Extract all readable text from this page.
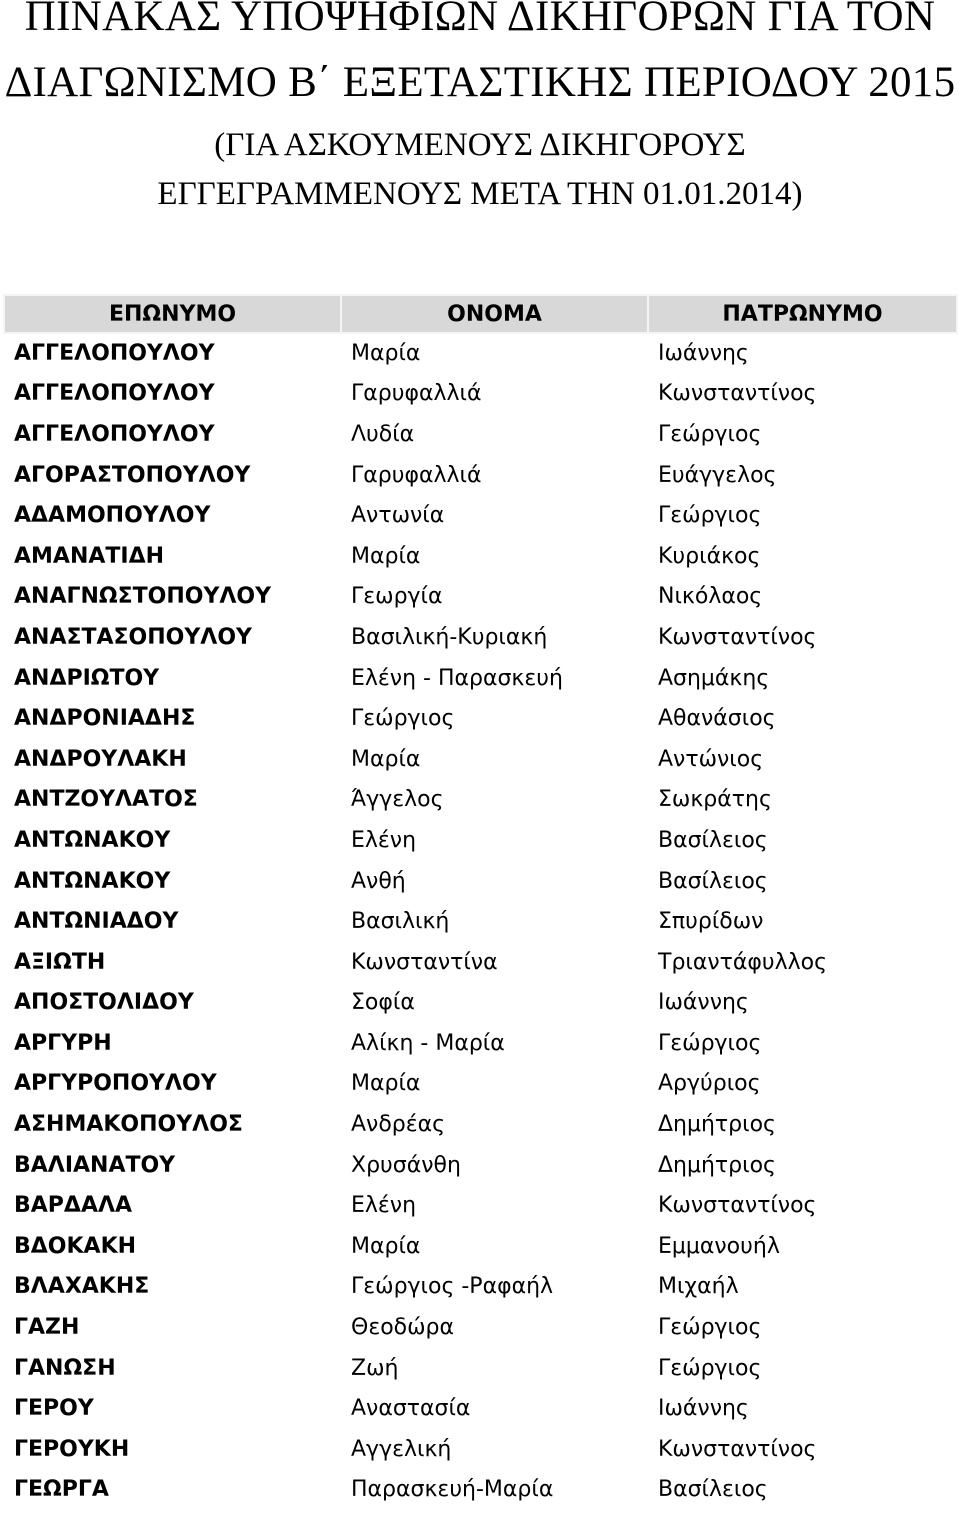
ΠΙΝΑΚΑΣ ΥΠΟΨΗΦΙΩΝ ΔΙΚΗΓΟΡΩΝ ΓΙΑ ΤΟΝ
ΔΙΑΓΩΝΙΣΜΟ Β΄ ΕΞΕΤΑΣΤΙΚΗΣ ΠΕΡΙΟΔΟΥ 2015
(ΓΙΑ ΑΣΚΟΥΜΕΝΟΥΣ ΔΙΚΗΓΟΡΟΥΣ
ΕΓΓΕΓΡΑΜΜΕΝΟΥΣ ΜΕΤΑ ΤΗΝ 01.01.2014)
ΕΠΩΝΥΜΟ	ΟΝΟΜΑ	ΠΑΤΡΩΝΥΜΟ
ΑΓΓΕΛΟΠΟΥΛΟΥ	Μαρία	Ιωάννης
ΑΓΓΕΛΟΠΟΥΛΟΥ	Γαρυφαλλιά	Κωνσταντίνος
ΑΓΓΕΛΟΠΟΥΛΟΥ	Λυδία	Γεώργιος
ΑΓΟΡΑΣΤΟΠΟΥΛΟΥ	Γαρυφαλλιά	Ευάγγελος
ΑΔΑΜΟΠΟΥΛΟΥ	Αντωνία	Γεώργιος
ΑΜΑΝΑΤΙΔΗ	Μαρία	Κυριάκος
ΑΝΑΓΝΩΣΤΟΠΟΥΛΟΥ	Γεωργία	Νικόλαος
ΑΝΑΣΤΑΣΟΠΟΥΛΟΥ	Βασιλική-Κυριακή	Κωνσταντίνος
ΑΝΔΡΙΩΤΟΥ	Ελένη - Παρασκευή	Ασημάκης
ΑΝΔΡΟΝΙΑΔΗΣ	Γεώργιος	Αθανάσιος
ΑΝΔΡΟΥΛΑΚΗ	Μαρία	Αντώνιος
ΑΝΤΖΟΥΛΑΤΟΣ	Άγγελος	Σωκράτης
ΑΝΤΩΝΑΚΟΥ	Ελένη	Βασίλειος
ΑΝΤΩΝΑΚΟΥ	Ανθή	Βασίλειος
ΑΝΤΩΝΙΑΔΟΥ	Βασιλική	Σπυρίδων
ΑΞΙΩΤΗ	Κωνσταντίνα	Τριαντάφυλλος
ΑΠΟΣΤΟΛΙΔΟΥ	Σοφία	Ιωάννης
ΑΡΓΥΡΗ	Αλίκη - Μαρία	Γεώργιος
ΑΡΓΥΡΟΠΟΥΛΟΥ	Μαρία	Αργύριος
ΑΣΗΜΑΚΟΠΟΥΛΟΣ	Ανδρέας	Δημήτριος
ΒΑΛΙΑΝΑΤΟΥ	Χρυσάνθη	Δημήτριος
ΒΑΡΔΑΛΑ	Ελένη	Κωνσταντίνος
ΒΔΟΚΑΚΗ	Μαρία	Εμμανουήλ
ΒΛΑΧΑΚΗΣ	Γεώργιος -Ραφαήλ	Μιχαήλ
ΓΑΖΗ	Θεοδώρα	Γεώργιος
ΓΑΝΩΣΗ	Ζωή	Γεώργιος
ΓΕΡΟΥ	Αναστασία	Ιωάννης
ΓΕΡΟΥΚΗ	Αγγελική	Κωνσταντίνος
ΓΕΩΡΓΑ	Παρασκευή-Μαρία	Βασίλειος
